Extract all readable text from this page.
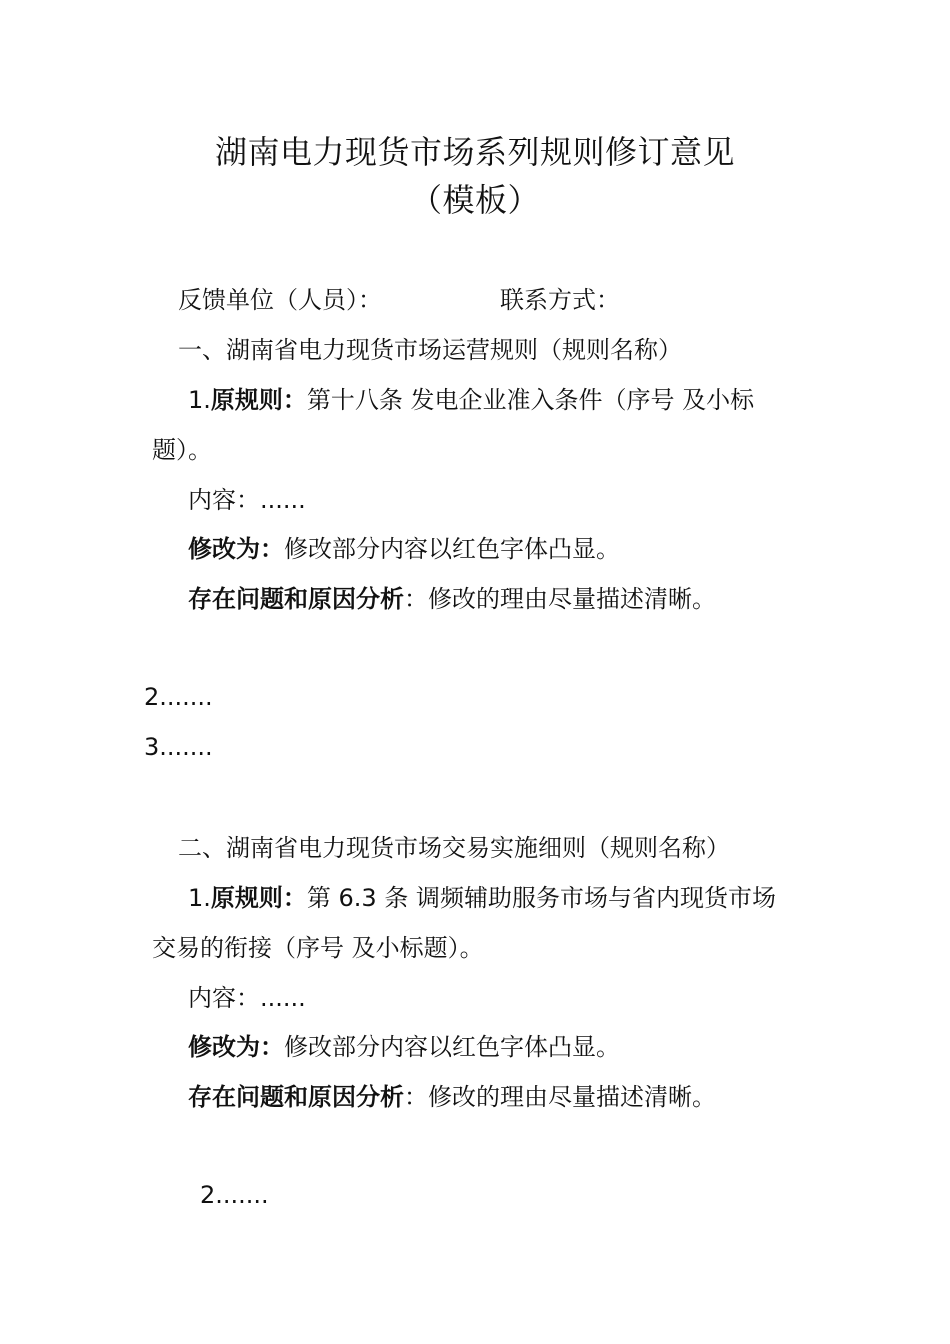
湖南电力现货市场系列规则修订意见
（模板）
反馈单位（人员）：	联系方式：
一、湖南省电力现货市场运营规则（规则名称）
1.原规则：第十八条 发电企业准入条件（序号 及小标
题）。
内容：......
修改为：修改部分内容以红色字体凸显。
存在问题和原因分析：修改的理由尽量描述清晰。
2.......
3.......
二、湖南省电力现货市场交易实施细则（规则名称）
1.原规则：第 6.3 条 调频辅助服务市场与省内现货市场
交易的衔接（序号 及小标题）。
内容：......
修改为：修改部分内容以红色字体凸显。
存在问题和原因分析：修改的理由尽量描述清晰。
2.......
